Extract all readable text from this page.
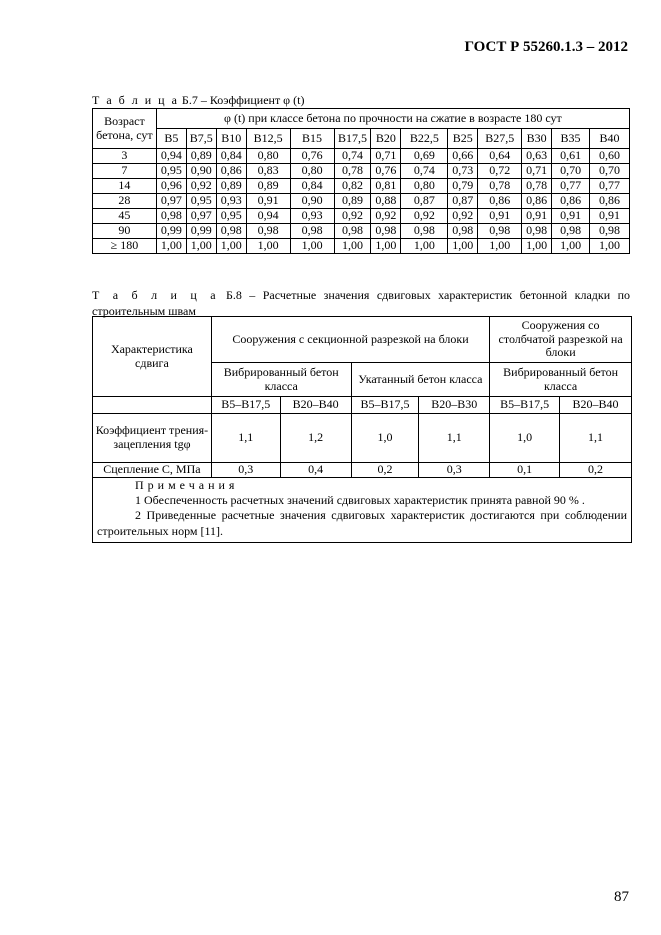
ГОСТ Р 55260.1.3 – 2012
Т а б л и ц а Б.7 – Коэффициент φ (t)
Возраст бетона, сут	φ (t) при классе бетона по прочности на сжатие в возрасте 180 сут												
	B5	B7,5	B10	B12,5	B15	B17,5	B20	B22,5	B25	B27,5	B30	B35	B40
3	0,94	0,89	0,84	0,80	0,76	0,74	0,71	0,69	0,66	0,64	0,63	0,61	0,60
7	0,95	0,90	0,86	0,83	0,80	0,78	0,76	0,74	0,73	0,72	0,71	0,70	0,70
14	0,96	0,92	0,89	0,89	0,84	0,82	0,81	0,80	0,79	0,78	0,78	0,77	0,77
28	0,97	0,95	0,93	0,91	0,90	0,89	0,88	0,87	0,87	0,86	0,86	0,86	0,86
45	0,98	0,97	0,95	0,94	0,93	0,92	0,92	0,92	0,92	0,91	0,91	0,91	0,91
90	0,99	0,99	0,98	0,98	0,98	0,98	0,98	0,98	0,98	0,98	0,98	0,98	0,98
≥ 180	1,00	1,00	1,00	1,00	1,00	1,00	1,00	1,00	1,00	1,00	1,00	1,00	1,00
Т а б л и ц а Б.8 – Расчетные значения сдвиговых характеристик бетонной кладки по строительным швам
Характеристика сдвига	Сооружения с секционной разрезкой на блоки				Сооружения со столбчатой разрезкой на блоки	
	Вибрированный бетон класса		Укатанный бетон класса		Вибрированный бетон класса	
	B5–B17,5	B20–B40	B5–B17,5	B20–B30	B5–B17,5	B20–B40
Коэффициент трения-зацепления tgφ	1,1	1,2	1,0	1,1	1,0	1,1
Сцепление C, МПа	0,3	0,4	0,2	0,3	0,1	0,2

Примечания

1 Обеспеченность расчетных значений сдвиговых характеристик принята равной 90 % .

2 Приведенные расчетные значения сдвиговых характеристик достигаются при соблюдении строительных норм [11].						

87
